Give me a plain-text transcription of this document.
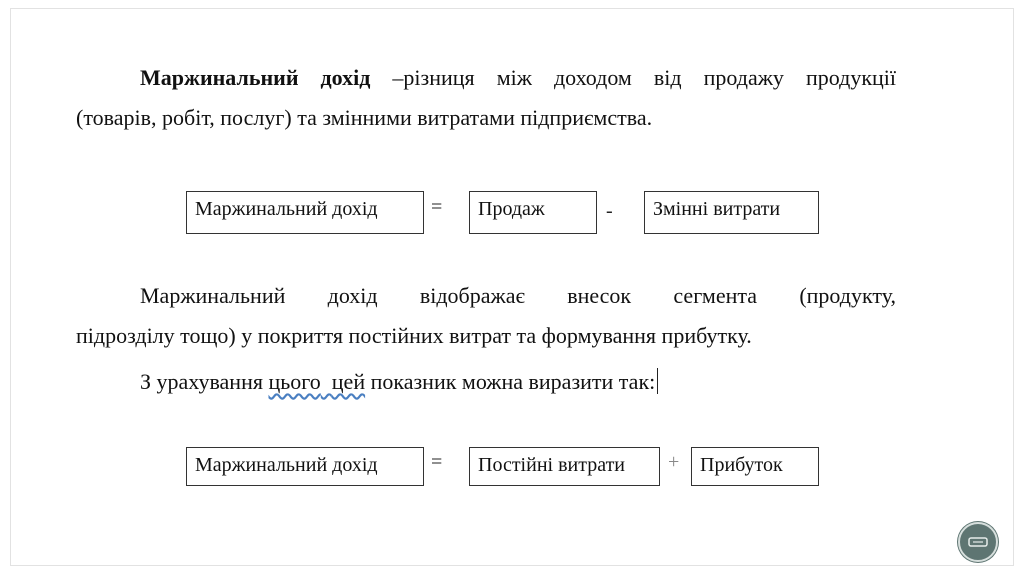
Маржинальний дохід –різниця між доходом від продажу продукції
(товарів, робіт, послуг) та змінними витратами підприємства.
Маржинальний дохід	=	Продаж	-	Змінні витрати
Маржинальний дохід відображає внесок сегмента (продукту,
підрозділу тощо) у покриття постійних витрат та формування прибутку.
З урахування цього цей показник можна виразити так:
Маржинальний дохід	=	Постійні витрати	+	Прибуток
